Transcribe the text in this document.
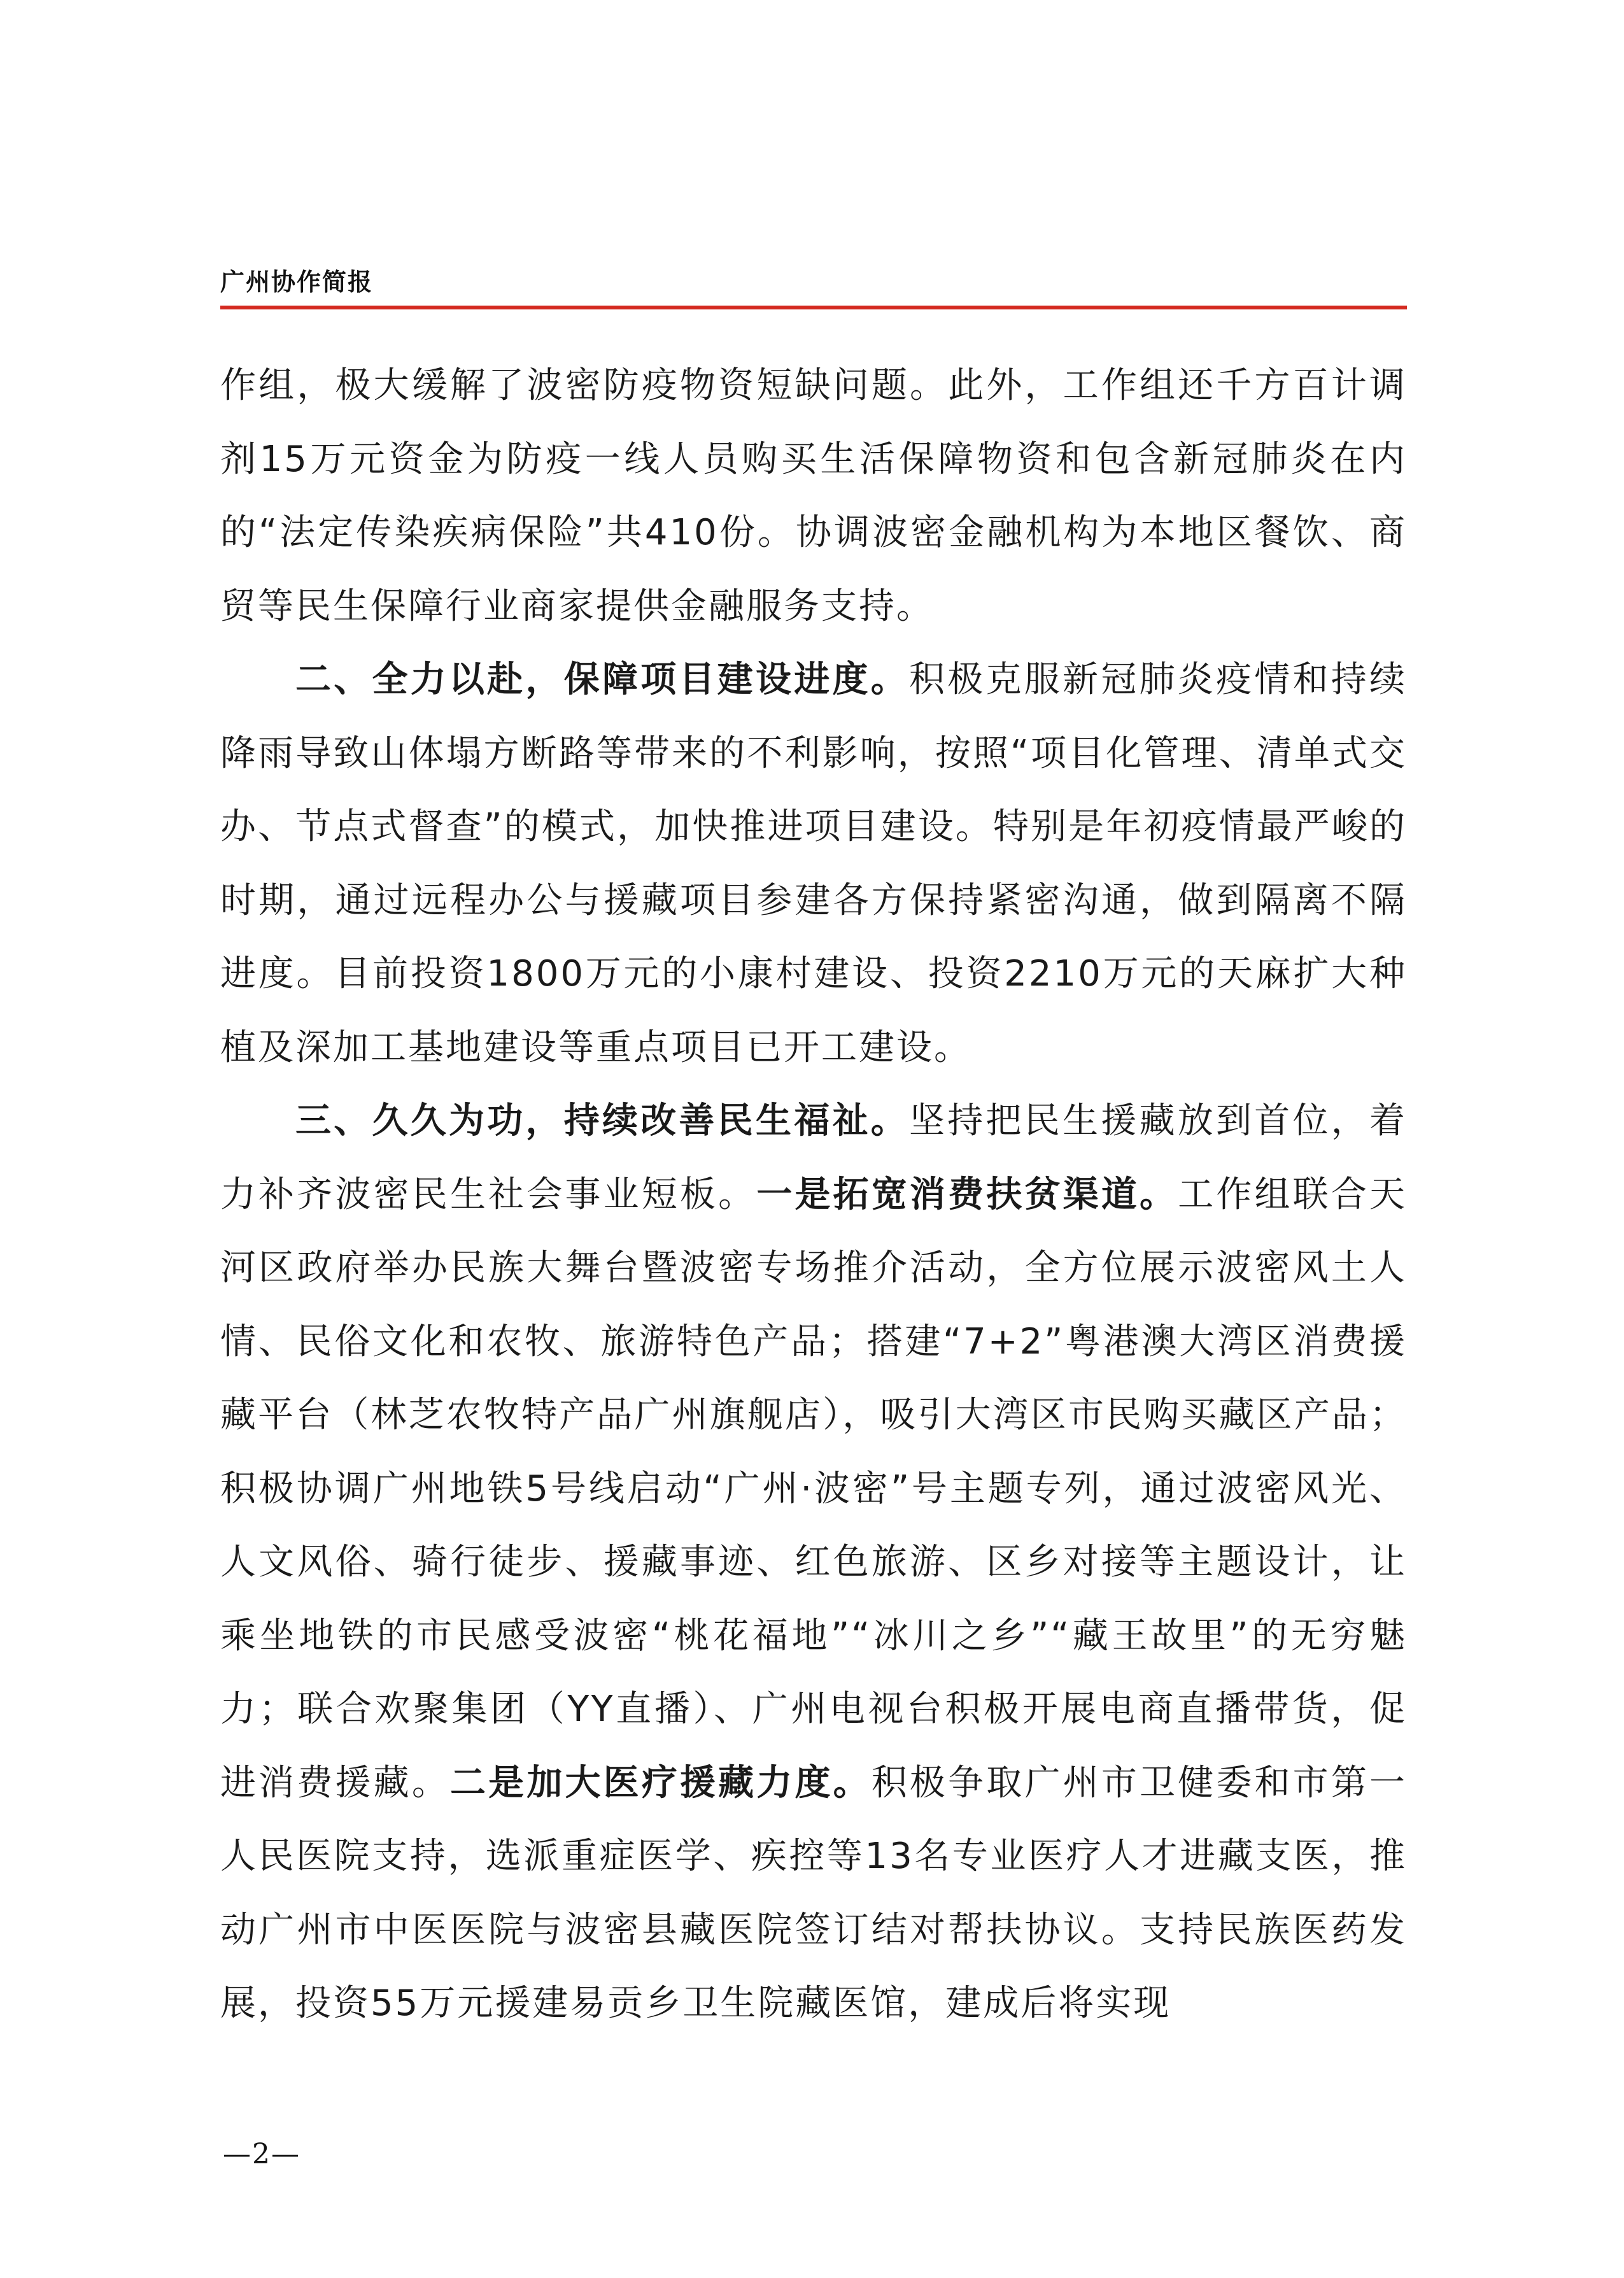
广州协作简报

作组，极大缓解了波密防疫物资短缺问题。此外，工作组还千方百计调剂15万元资金为防疫一线人员购买生活保障物资和包含新冠肺炎在内的“法定传染疾病保险”共410份。协调波密金融机构为本地区餐饮、商贸等民生保障行业商家提供金融服务支持。

二、全力以赴，保障项目建设进度。积极克服新冠肺炎疫情和持续降雨导致山体塌方断路等带来的不利影响，按照“项目化管理、清单式交办、节点式督查”的模式，加快推进项目建设。特别是年初疫情最严峻的时期，通过远程办公与援藏项目参建各方保持紧密沟通，做到隔离不隔进度。目前投资1800万元的小康村建设、投资2210万元的天麻扩大种植及深加工基地建设等重点项目已开工建设。

三、久久为功，持续改善民生福祉。坚持把民生援藏放到首位，着力补齐波密民生社会事业短板。一是拓宽消费扶贫渠道。工作组联合天河区政府举办民族大舞台暨波密专场推介活动，全方位展示波密风土人情、民俗文化和农牧、旅游特色产品；搭建“7+2”粤港澳大湾区消费援藏平台（林芝农牧特产品广州旗舰店），吸引大湾区市民购买藏区产品；积极协调广州地铁5号线启动“广州·波密”号主题专列，通过波密风光、人文风俗、骑行徒步、援藏事迹、红色旅游、区乡对接等主题设计，让乘坐地铁的市民感受波密“桃花福地”“冰川之乡”“藏王故里”的无穷魅力；联合欢聚集团（YY直播）、广州电视台积极开展电商直播带货，促进消费援藏。二是加大医疗援藏力度。积极争取广州市卫健委和市第一人民医院支持，选派重症医学、疾控等13名专业医疗人才进藏支医，推动广州市中医医院与波密县藏医院签订结对帮扶协议。支持民族医药发展，投资55万元援建易贡乡卫生院藏医馆，建成后将实现

—2—
